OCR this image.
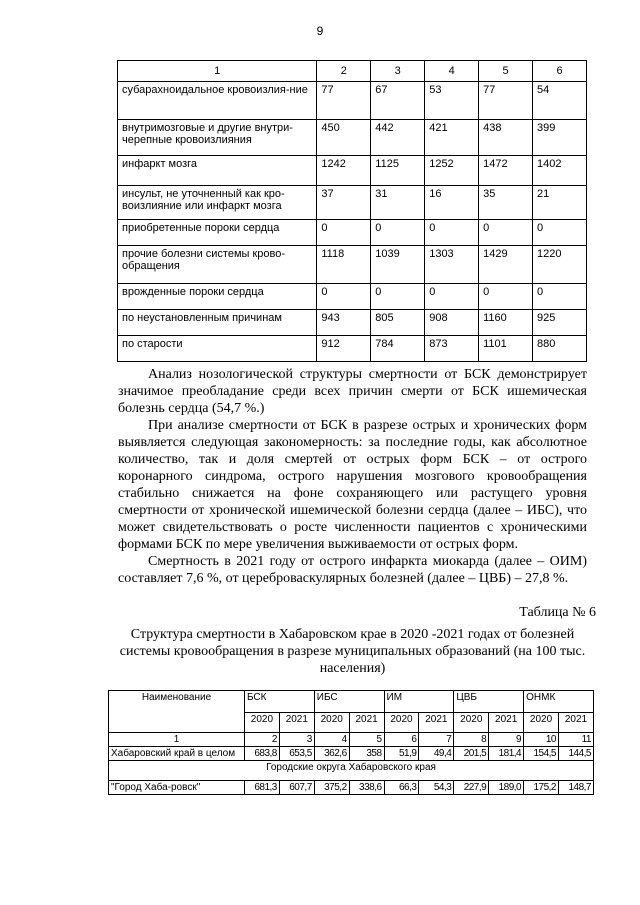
9
1	2	3	4	5	6
субарахноидальное кровоизлия-ние	77	67	53	77	54
внутримозговые и другие внутри-черепные кровоизлияния	450	442	421	438	399
инфаркт мозга	1242	1125	1252	1472	1402
инсульт, не уточненный как кро-воизлияние или инфаркт мозга	37	31	16	35	21
приобретенные пороки сердца	0	0	0	0	0
прочие болезни системы крово-обращения	1118	1039	1303	1429	1220
врожденные пороки сердца	0	0	0	0	0
по неустановленным причинам	943	805	908	1160	925
по старости	912	784	873	1101	880

Анализ нозологической структуры смертности от БСК демонстрирует значимое преобладание среди всех причин смерти от БСК ишемическая болезнь сердца (54,7 %.)

При анализе смертности от БСК в разрезе острых и хронических форм выявляется следующая закономерность: за последние годы, как абсолютное количество, так и доля смертей от острых форм БСК – от острого коронарного синдрома, острого нарушения мозгового кровообращения стабильно снижается на фоне сохраняющего или растущего уровня смертности от хронической ишемической болезни сердца (далее – ИБС), что может свидетельствовать о росте численности пациентов с хроническими формами БСК по мере увеличения выживаемости от острых форм.

Смертность в 2021 году от острого инфаркта миокарда (далее – ОИМ) составляет 7,6 %, от цереброваскулярных болезней (далее – ЦВБ) – 27,8 %.

Таблица № 6
Структура смертности в Хабаровском крае в 2020 -2021 годах от болезней системы кровообращения в разрезе муниципальных образований (на 100 тыс. населения)
Наименование	БСК		ИБС		ИМ		ЦВБ		ОНМК	
	2020	2021	2020	2021	2020	2021	2020	2021	2020	2021
1	2	3	4	5	6	7	8	9	10	11
Хабаровский край в целом	683,8	653,5	362,6	358	51,9	49,4	201,5	181,4	154,5	144,5
Городские округа Хабаровского края										
"Город Хаба-ровск"	681,3	607,7	375,2	338,6	66,3	54,3	227,9	189,0	175,2	148,7
